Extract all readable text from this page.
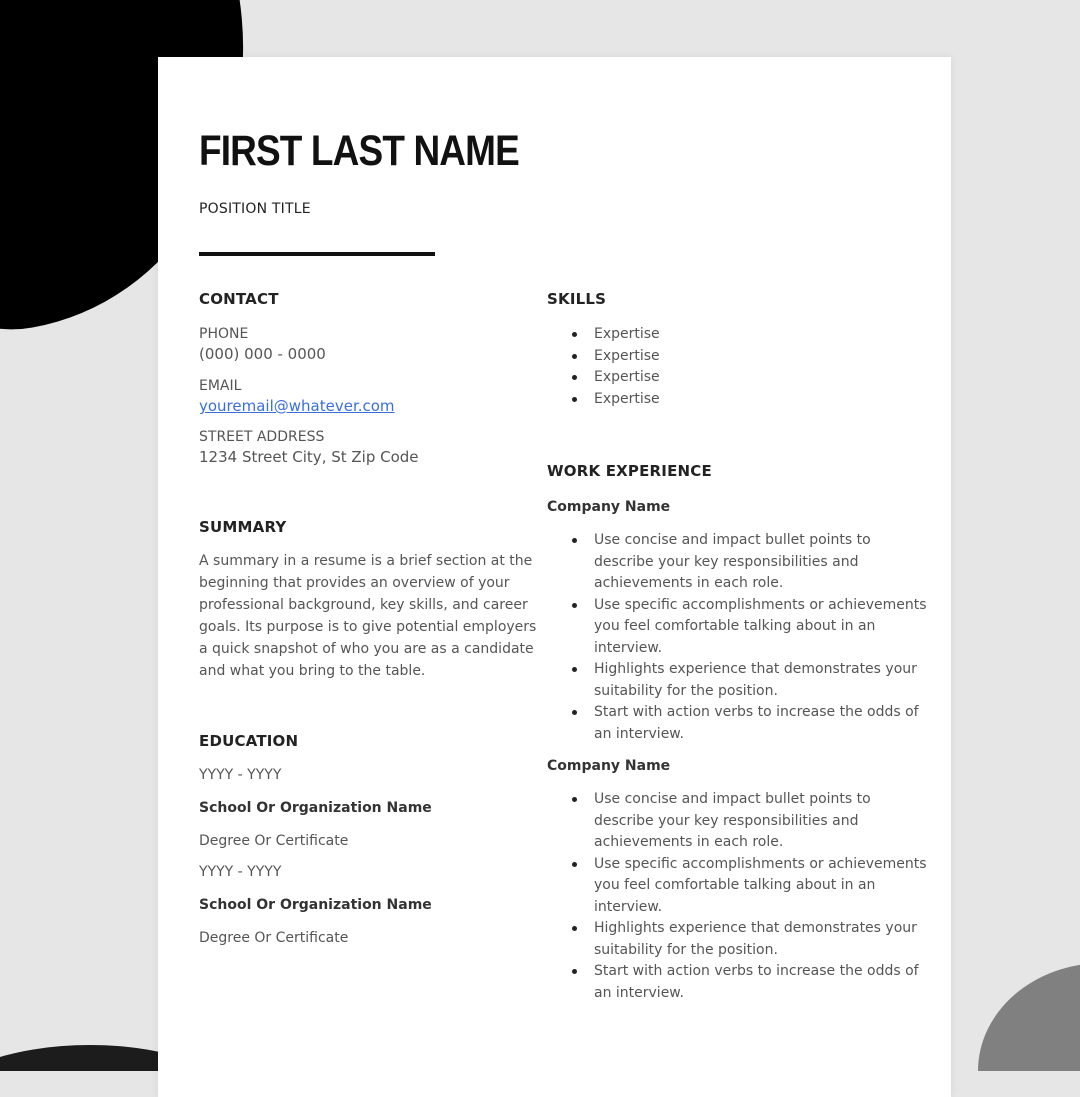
FIRST LAST NAME
POSITION TITLE
CONTACT
PHONE
(000) 000 - 0000
EMAIL
youremail@whatever.com
STREET ADDRESS
1234 Street City, St Zip Code
SUMMARY

A summary in a resume is a brief section at the beginning that provides an overview of your professional background, key skills, and career goals. Its purpose is to give potential employers a quick snapshot of who you are as a candidate and what you bring to the table.

EDUCATION
YYYY - YYYY
School Or Organization Name
Degree Or Certificate
YYYY - YYYY
School Or Organization Name
Degree Or Certificate
SKILLS
Expertise
Expertise
Expertise
Expertise
WORK EXPERIENCE
Company Name
Use concise and impact bullet points to describe your key responsibilities and achievements in each role.
Use specific accomplishments or achievements you feel comfortable talking about in an interview.
Highlights experience that demonstrates your suitability for the position.
Start with action verbs to increase the odds of an interview.
Company Name
Use concise and impact bullet points to describe your key responsibilities and achievements in each role.
Use specific accomplishments or achievements you feel comfortable talking about in an interview.
Highlights experience that demonstrates your suitability for the position.
Start with action verbs to increase the odds of an interview.
